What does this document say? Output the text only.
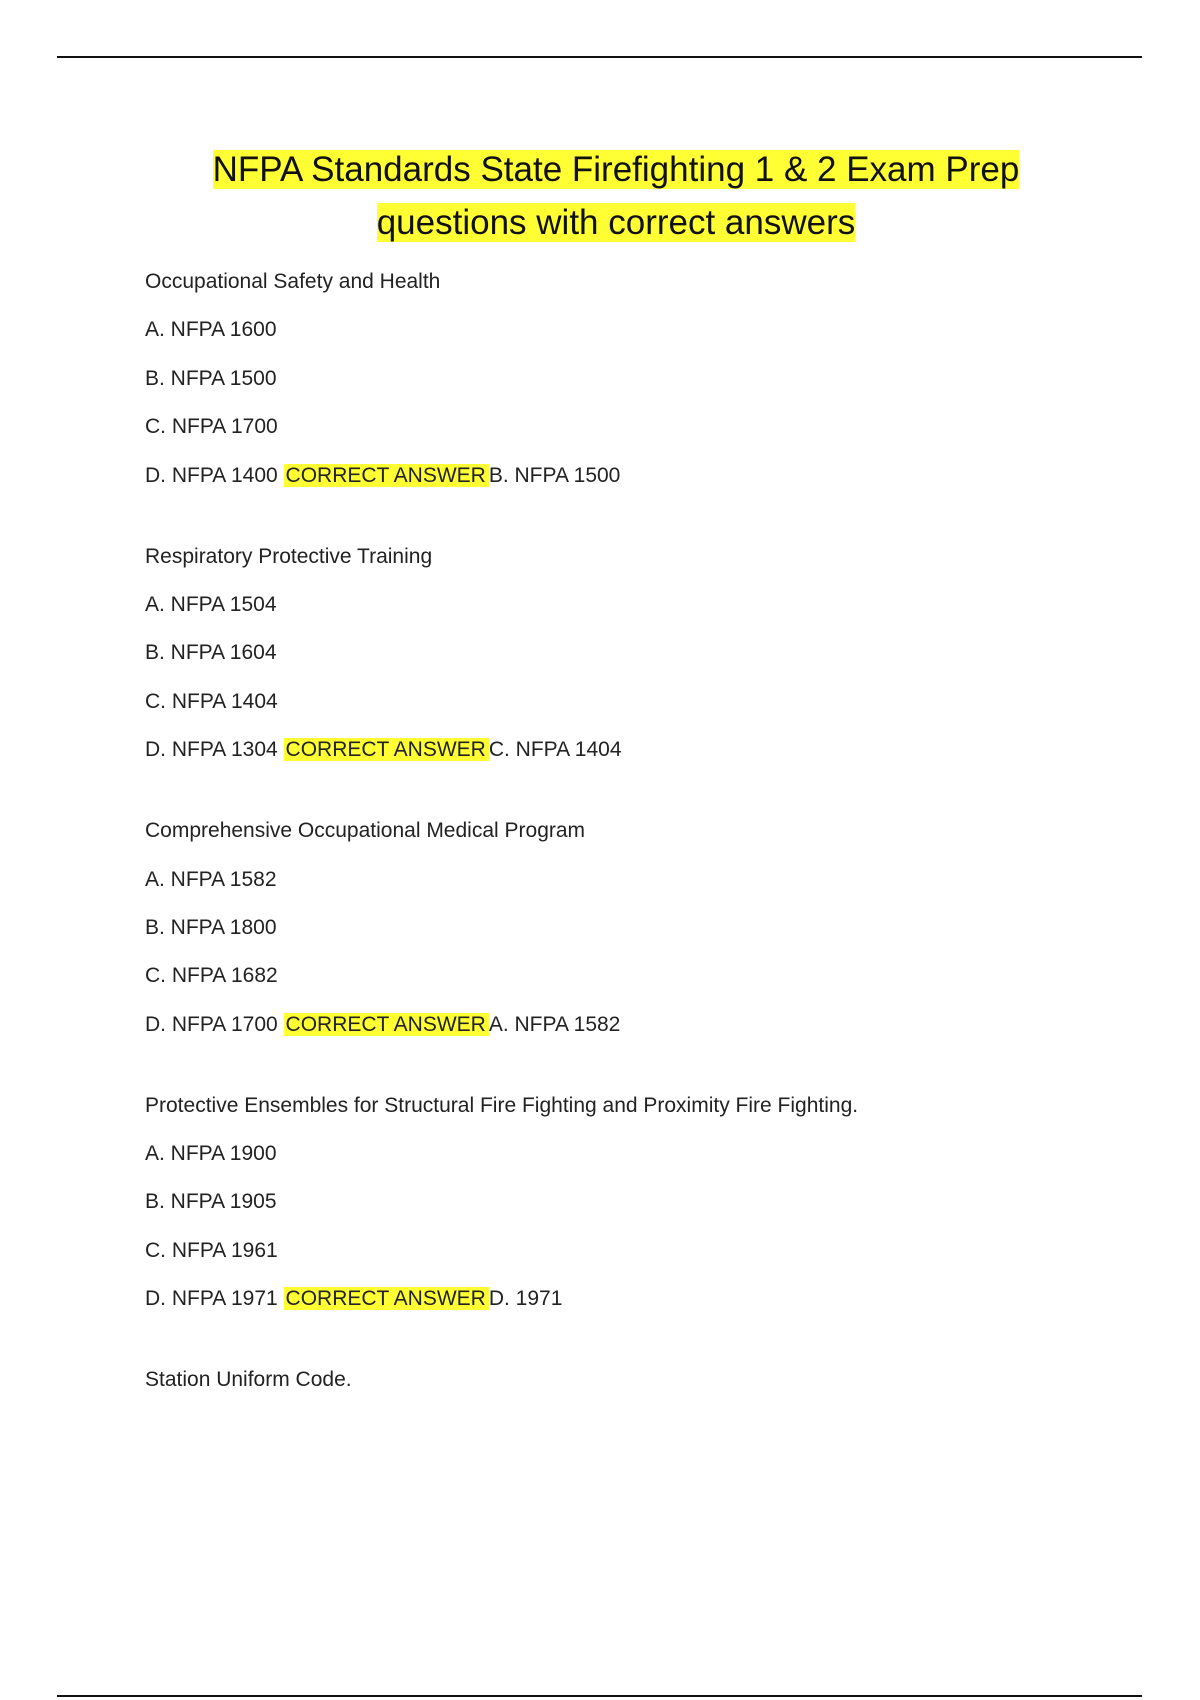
NFPA Standards State Firefighting 1 & 2 Exam Prep
questions with correct answers
Occupational Safety and Health
A. NFPA 1600
B. NFPA 1500
C. NFPA 1700
D. NFPA 1400 CORRECT ANSWER B. NFPA 1500
Respiratory Protective Training
A. NFPA 1504
B. NFPA 1604
C. NFPA 1404
D. NFPA 1304 CORRECT ANSWER C. NFPA 1404
Comprehensive Occupational Medical Program
A. NFPA 1582
B. NFPA 1800
C. NFPA 1682
D. NFPA 1700 CORRECT ANSWER A. NFPA 1582
Protective Ensembles for Structural Fire Fighting and Proximity Fire Fighting.
A. NFPA 1900
B. NFPA 1905
C. NFPA 1961
D. NFPA 1971 CORRECT ANSWER D. 1971
Station Uniform Code.
